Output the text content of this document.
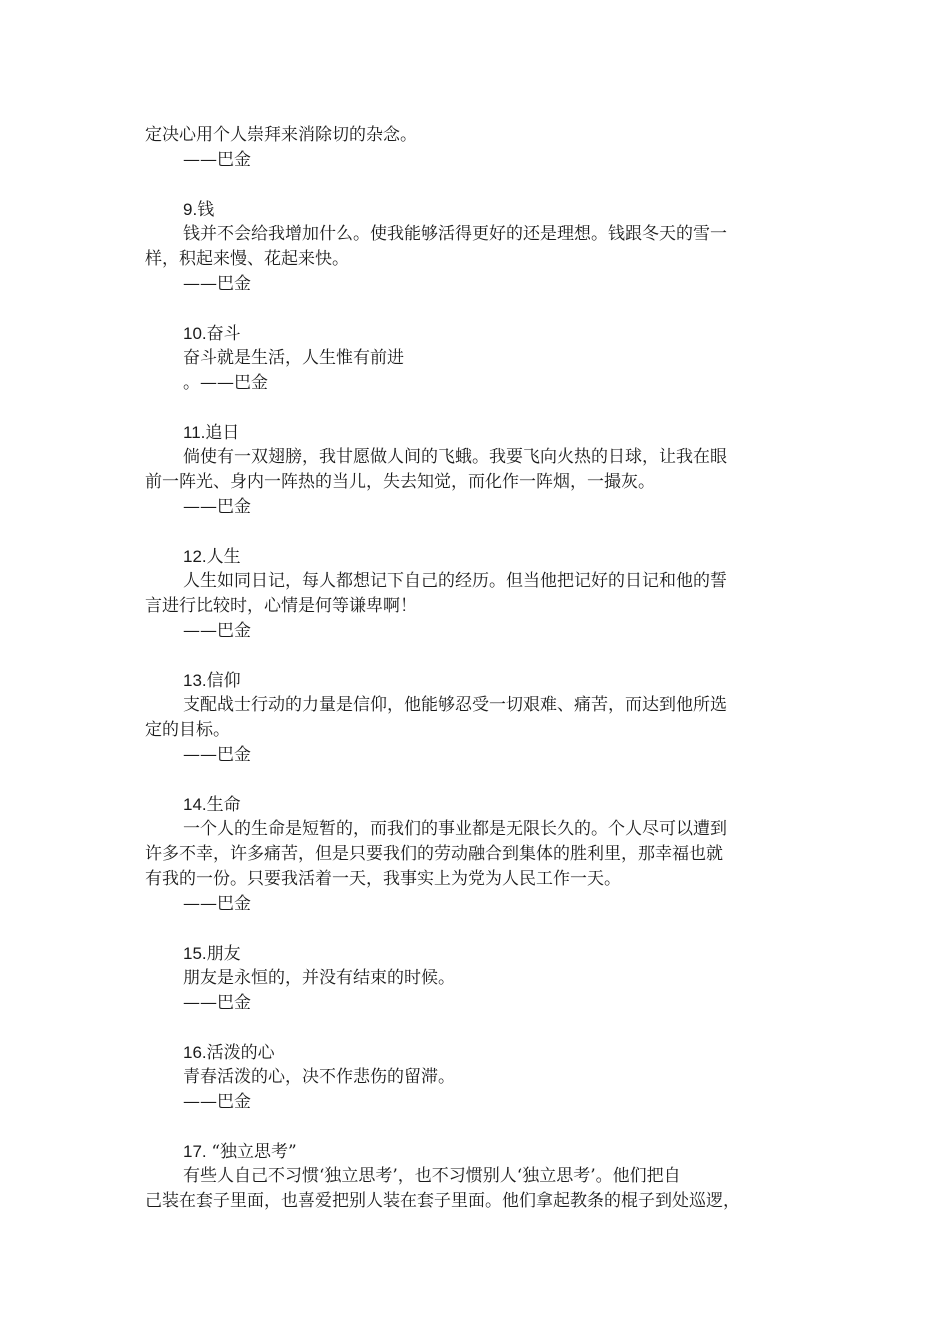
定决心用个人崇拜来消除切的杂念。

——巴金

9.钱

钱并不会给我增加什么。使我能够活得更好的还是理想。钱跟冬天的雪一

样，积起来慢、花起来快。

——巴金

10.奋斗

奋斗就是生活，人生惟有前进

。——巴金

11.追日

倘使有一双翅膀，我甘愿做人间的飞蛾。我要飞向火热的日球，让我在眼

前一阵光、身内一阵热的当儿，失去知觉，而化作一阵烟，一撮灰。

——巴金

12.人生

人生如同日记，每人都想记下自己的经历。但当他把记好的日记和他的誓

言进行比较时，心情是何等谦卑啊！

——巴金

13.信仰

支配战士行动的力量是信仰，他能够忍受一切艰难、痛苦，而达到他所选

定的目标。

——巴金

14.生命

一个人的生命是短暂的，而我们的事业都是无限长久的。个人尽可以遭到

许多不幸，许多痛苦，但是只要我们的劳动融合到集体的胜利里，那幸福也就

有我的一份。只要我活着一天，我事实上为党为人民工作一天。

——巴金

15.朋友

朋友是永恒的，并没有结束的时候。

——巴金

16.活泼的心

青春活泼的心，决不作悲伤的留滞。

——巴金

17. “独立思考”

有些人自己不习惯‘独立思考’，也不习惯别人‘独立思考’。他们把自

己装在套子里面，也喜爱把别人装在套子里面。他们拿起教条的棍子到处巡逻，
